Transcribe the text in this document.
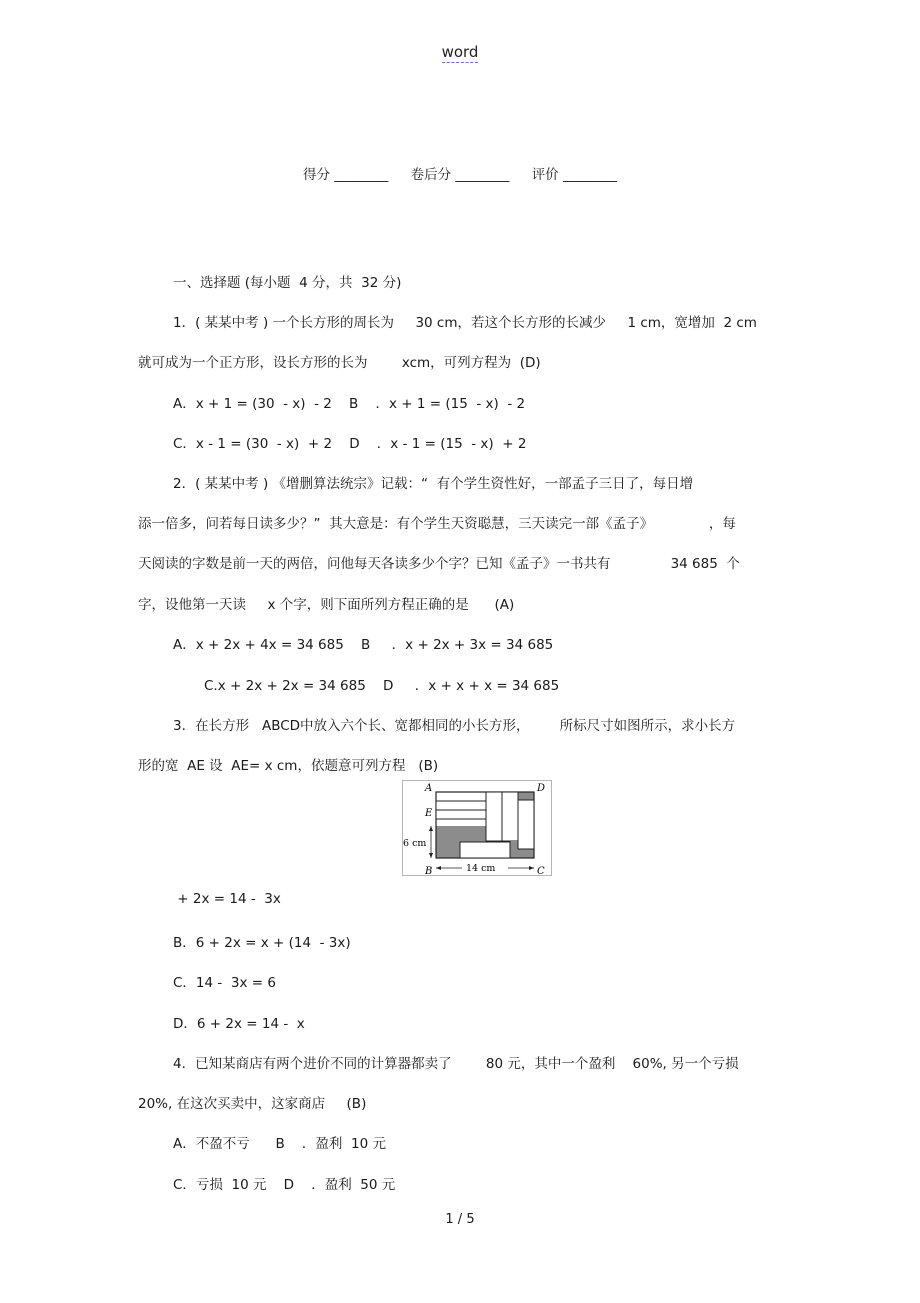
word
得分 ________ 卷后分 ________ 评价 ________
一、选择题 (每小题  4 分，共  32 分)
1．( 某某中考 ) 一个长方形的周长为     30 cm，若这个长方形的长减少     1 cm，宽增加  2 cm
就可成为一个正方形，设长方形的长为        xcm，可列方程为  (D)
A．x + 1 = (30  - x)  - 2    B    ．x + 1 = (15  - x)  - 2
C．x - 1 = (30  - x)  + 2    D    ．x - 1 = (15  - x)  + 2
2．( 某某中考 ) 《增删算法统宗》记载：“  有个学生资性好，一部孟子三日了，每日增
添一倍多，问若每日读多少？”  其大意是：有个学生天资聪慧，三天读完一部《孟子》             ，每
天阅读的字数是前一天的两倍，问他每天各读多少个字？已知《孟子》一书共有              34 685  个
字，设他第一天读     x 个字，则下面所列方程正确的是      (A)
A．x + 2x + 4x = 34 685    B     ．x + 2x + 3x = 34 685
C.x + 2x + 2x = 34 685    D     ．x + x + x = 34 685
3．在长方形   ABCD中放入六个长、宽都相同的小长方形，       所标尺寸如图所示，求小长方
形的宽  AE 设  AE= x cm，依题意可列方程   (B)
A	D
E
B	C
6 cm
14 cm
+ 2x = 14 -  3x
B．6 + 2x = x + (14  - 3x)
C．14 -  3x = 6
D．6 + 2x = 14 -  x
4．已知某商店有两个进价不同的计算器都卖了        80 元，其中一个盈利    60%, 另一个亏损
20%, 在这次买卖中，这家商店     (B)
A．不盈不亏      B    ．盈利  10 元
C．亏损  10 元    D    ．盈利  50 元
1 / 5
